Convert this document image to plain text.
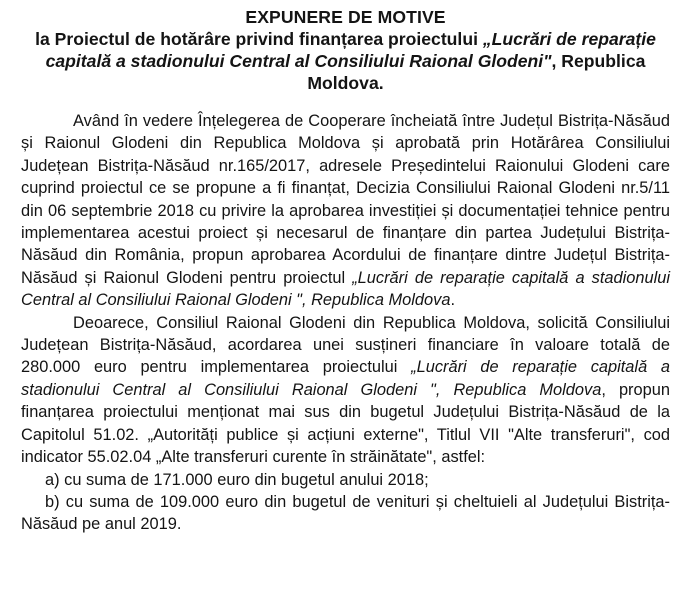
EXPUNERE DE MOTIVE

la Proiectul de hotărâre privind finanțarea proiectului „Lucrări de reparație capitală a stadionului Central al Consiliului Raional Glodeni", Republica Moldova.

Având în vedere Înțelegerea de Cooperare încheiată între Județul Bistrița-Năsăud și Raionul Glodeni din Republica Moldova și aprobată prin Hotărârea Consiliului Județean Bistrița-Năsăud nr.165/2017, adresele Președintelui Raionului Glodeni care cuprind proiectul ce se propune a fi finanțat, Decizia Consiliului Raional Glodeni nr.5/11 din 06 septembrie 2018 cu privire la aprobarea investiției și documentației tehnice pentru implementarea acestui proiect și necesarul de finanțare din partea Județului Bistrița-Năsăud din România, propun aprobarea Acordului de finanțare dintre Județul Bistrița-Năsăud și Raionul Glodeni pentru proiectul „Lucrări de reparație capitală a stadionului Central al Consiliului Raional Glodeni ", Republica Moldova.

Deoarece, Consiliul Raional Glodeni din Republica Moldova, solicită Consiliului Județean Bistrița-Năsăud, acordarea unei susțineri financiare în valoare totală de 280.000 euro pentru implementarea proiectului „Lucrări de reparație capitală a stadionului Central al Consiliului Raional Glodeni ", Republica Moldova, propun finanțarea proiectului menționat mai sus din bugetul Județului Bistrița-Năsăud de la Capitolul 51.02. „Autorități publice și acțiuni externe", Titlul VII "Alte transferuri", cod indicator 55.02.04 „Alte transferuri curente în străinătate", astfel:

a) cu suma de 171.000 euro din bugetul anului 2018;

b) cu suma de 109.000 euro din bugetul de venituri și cheltuieli al Județului Bistrița-Năsăud pe anul 2019.
